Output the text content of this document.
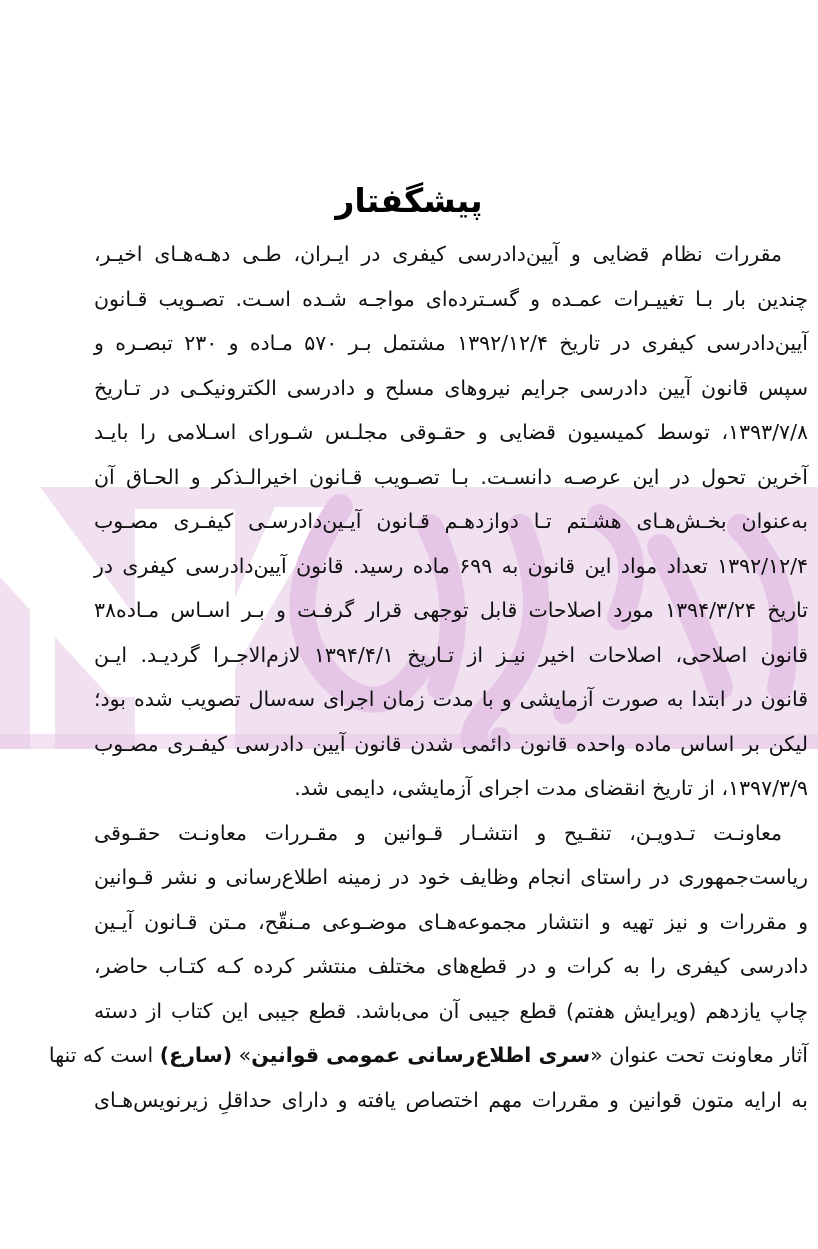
پیشگفتار
مقررات نظام قضایی و آیین‌دادرسی کیفری در ایـران، طـی دهـه‌هـای اخیـر،
چندین بار بـا تغییـرات عمـده و گسـترده‌ای مواجـه شـده اسـت. تصـویب قـانون
آیین‌دادرسی کیفری در تاریخ ۱۳۹۲/۱۲/۴ مشتمل بـر ۵۷۰ مـاده و ۲۳۰ تبصـره و
سپس قانون آیین دادرسی جرایم نیروهای مسلح و دادرسی الکترونیکـی در تـاریخ
۱۳۹۳/۷/۸، توسط کمیسیون قضایی و حقـوقی مجلـس شـورای اسـلامی را بایـد
آخرین تحول در این عرصـه دانسـت. بـا تصـویب قـانون اخیرالـذکر و الحـاق آن
به‌عنوان بخـش‌هـای هشـتم تـا دوازدهـم قـانون آیـین‌دادرسـی کیفـری مصـوب
۱۳۹۲/۱۲/۴ تعداد مواد این قانون به ۶۹۹ ماده رسید. قانون آیین‌دادرسی کیفری در
تاریخ ۱۳۹۴/۳/۲۴ مورد اصلاحات قابل توجهی قرار گرفـت و بـر اسـاس مـاده۳۸
قانون اصلاحی، اصلاحات اخیر نیـز از تـاریخ ۱۳۹۴/۴/۱ لازم‌الاجـرا گردیـد. ایـن
قانون در ابتدا به صورت آزمایشی و با مدت زمان اجرای سه‌سال تصویب شده بود؛
لیکن بر اساس ماده واحده قانون دائمی شدن قانون آیین دادرسی کیفـری مصـوب
۱۳۹۷/۳/۹، از تاریخ انقضای مدت اجرای آزمایشی، دایمی شد.
معاونـت تـدویـن، تنقـیح و انتشـار قـوانین و مقـررات معاونـت حقـوقی
ریاست‌جمهوری در راستای انجام وظایف خود در زمینه اطلاع‌رسانی و نشر قـوانین
و مقررات و نیز تهیه و انتشار مجموعه‌هـای موضـوعی مـنقّح، مـتن قـانون آیـین
دادرسی کیفری را به کرات و در قطع‌های مختلف منتشر کرده کـه کتـاب حاضر،
چاپ یازدهم (ویرایش هفتم) قطع جیبی آن می‌باشد. قطع جیبی این کتاب از دسته
آثار معاونت تحت عنوان «سری اطلاع‌رسانی عمومی قوانین» (سارع) است که تنها
به ارایه متون قوانین و مقررات مهم اختصاص یافته و دارای حداقلِ زیرنویس‌هـای
